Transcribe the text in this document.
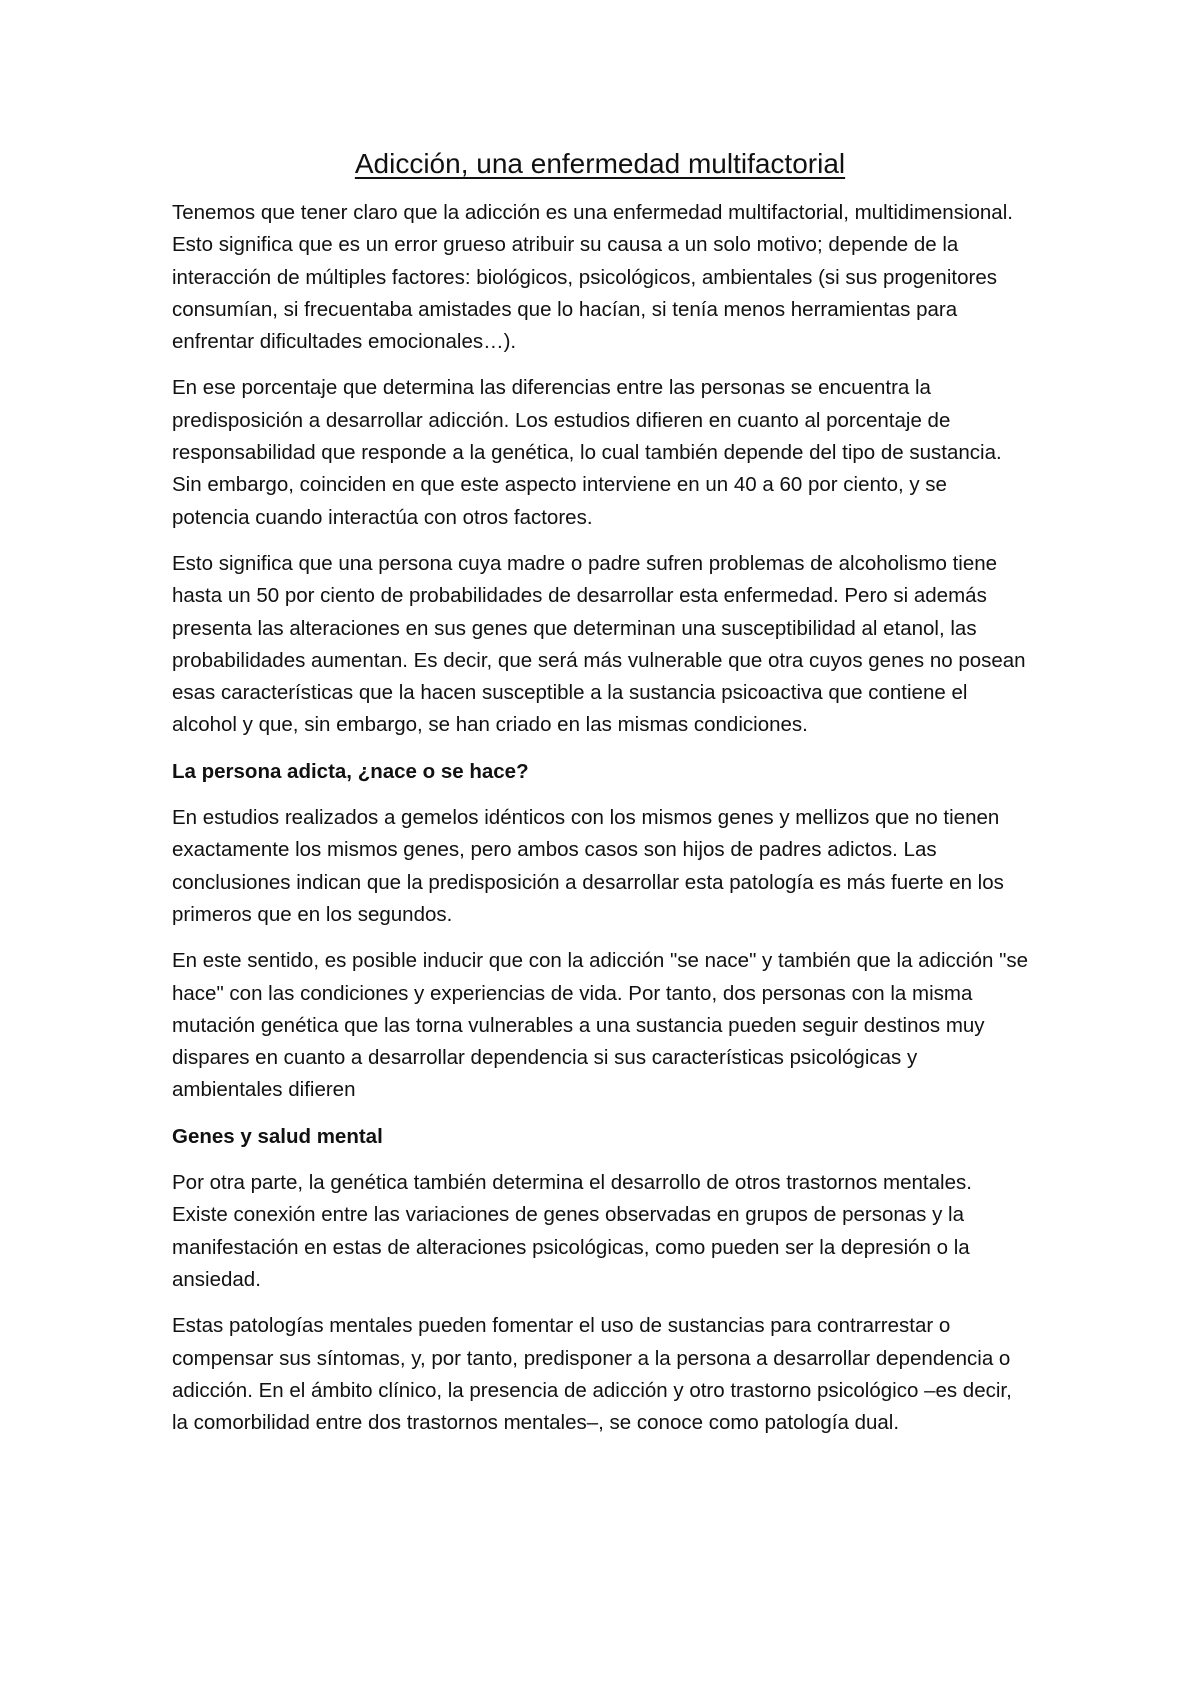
Adicción, una enfermedad multifactorial

Tenemos que tener claro que la adicción es una enfermedad multifactorial, multidimensional. Esto significa que es un error grueso atribuir su causa a un solo motivo; depende de la interacción de múltiples factores: biológicos, psicológicos, ambientales (si sus progenitores consumían, si frecuentaba amistades que lo hacían, si tenía menos herramientas para enfrentar dificultades emocionales…).

En ese porcentaje que determina las diferencias entre las personas se encuentra la predisposición a desarrollar adicción. Los estudios difieren en cuanto al porcentaje de responsabilidad que responde a la genética, lo cual también depende del tipo de sustancia. Sin embargo, coinciden en que este aspecto interviene en un 40 a 60 por ciento, y se potencia cuando interactúa con otros factores.

Esto significa que una persona cuya madre o padre sufren problemas de alcoholismo tiene hasta un 50 por ciento de probabilidades de desarrollar esta enfermedad. Pero si además presenta las alteraciones en sus genes que determinan una susceptibilidad al etanol, las probabilidades aumentan. Es decir, que será más vulnerable que otra cuyos genes no posean esas características que la hacen susceptible a la sustancia psicoactiva que contiene el alcohol y que, sin embargo, se han criado en las mismas condiciones.

La persona adicta, ¿nace o se hace?

En estudios realizados a gemelos idénticos con los mismos genes y mellizos que no tienen exactamente los mismos genes, pero ambos casos son hijos de padres adictos. Las conclusiones indican que la predisposición a desarrollar esta patología es más fuerte en los primeros que en los segundos.

En este sentido, es posible inducir que con la adicción "se nace" y también que la adicción "se hace" con las condiciones y experiencias de vida. Por tanto, dos personas con la misma mutación genética que las torna vulnerables a una sustancia pueden seguir destinos muy dispares en cuanto a desarrollar dependencia si sus características psicológicas y ambientales difieren

Genes y salud mental

Por otra parte, la genética también determina el desarrollo de otros trastornos mentales. Existe conexión entre las variaciones de genes observadas en grupos de personas y la manifestación en estas de alteraciones psicológicas, como pueden ser la depresión o la ansiedad.

Estas patologías mentales pueden fomentar el uso de sustancias para contrarrestar o compensar sus síntomas, y, por tanto, predisponer a la persona a desarrollar dependencia o adicción. En el ámbito clínico, la presencia de adicción y otro trastorno psicológico –es decir, la comorbilidad entre dos trastornos mentales–, se conoce como patología dual.
